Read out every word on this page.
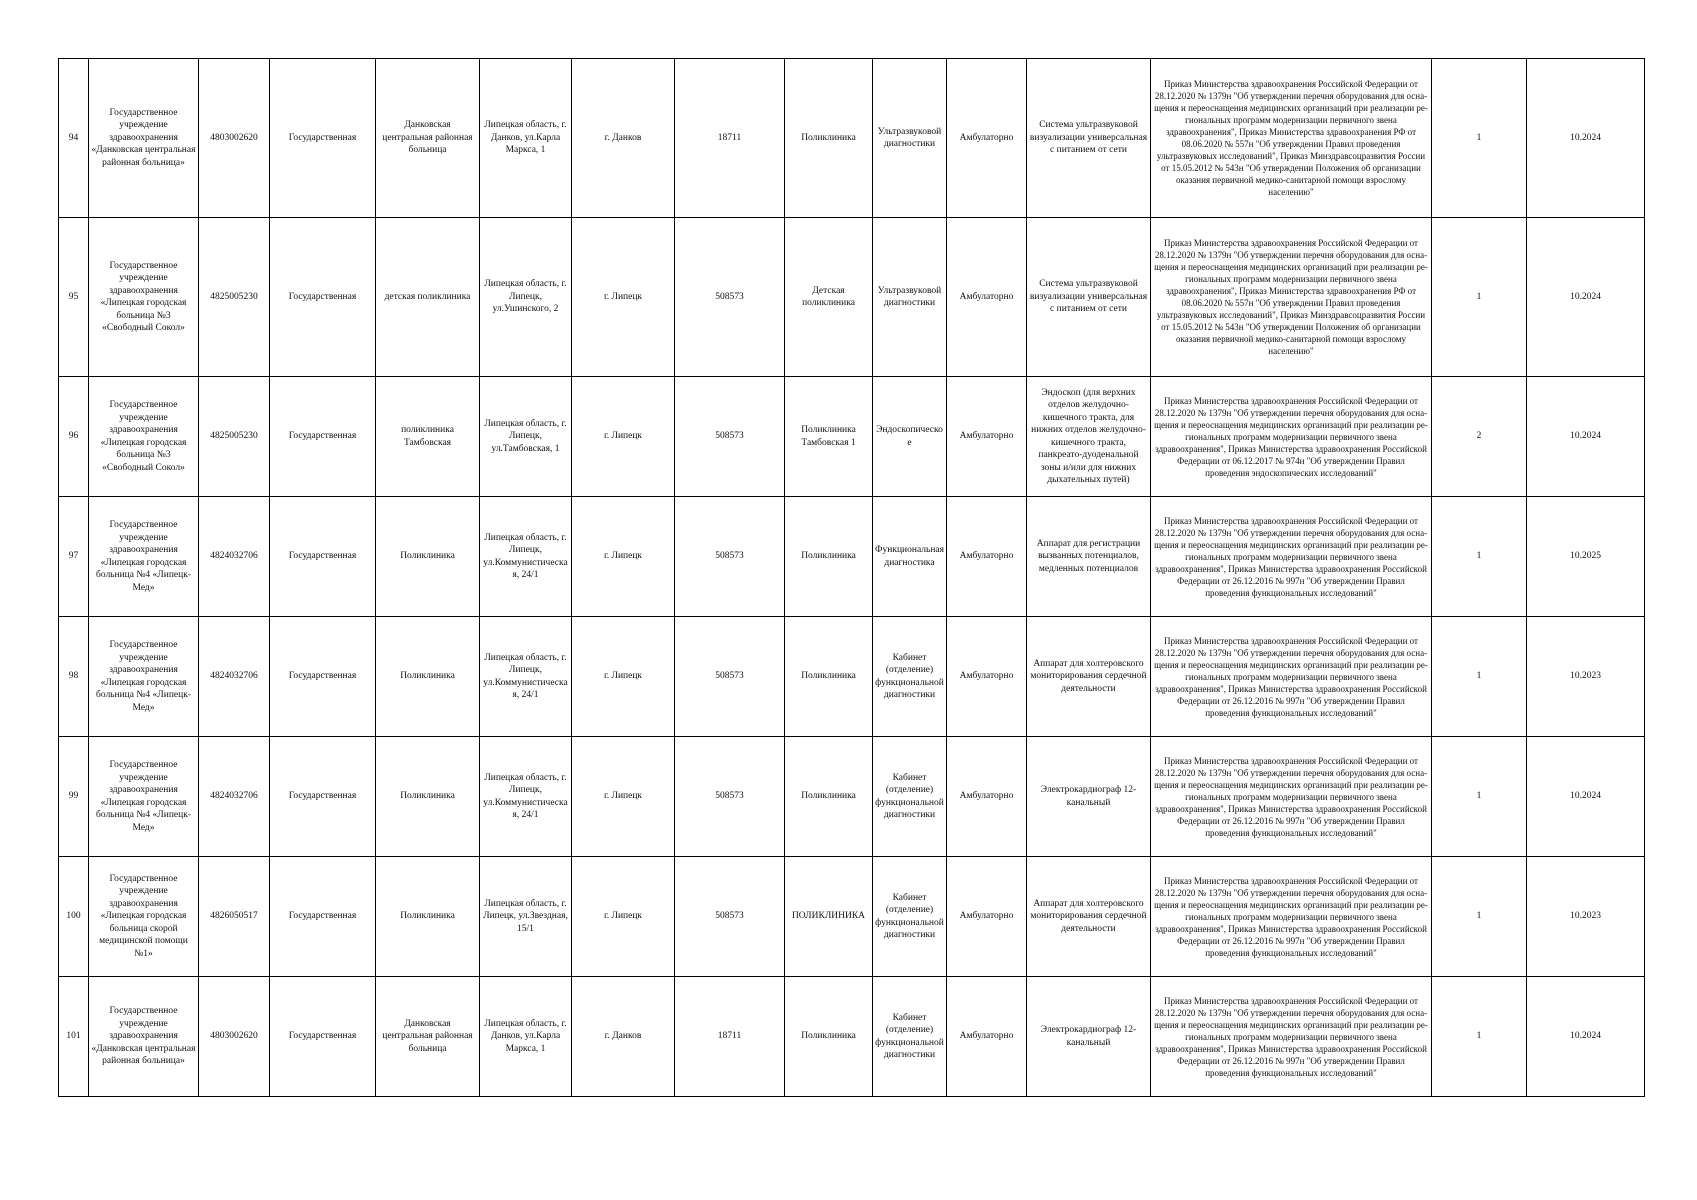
94	Государственное учреждение здравоохранения «Данковская центральная районная больница»	4803002620	Государственная	Данковская центральная районная больница	Липецкая область, г. Данков, ул.Карла Маркса, 1	г. Данков	18711	Поликлиника	Ультразвуковой диагностики	Амбулаторно	Система ультразвуковой визуализации универсальная с питанием от сети	Приказ Министерства здравоохранения Российской Федерации от 28.12.2020 № 1379н "Об утверждении перечня оборудования для осна-щения и переоснащения медицинских организаций при реализации ре-гиональных программ модернизации первичного звена здравоохранения", Приказ Министерства здравоохранения РФ от 08.06.2020 № 557н "Об утверждении Правил проведения ультразвуковых исследований", Приказ Минздравсоцразвития России от 15.05.2012 № 543н "Об утверждении Положения об организации оказания первичной медико-санитарной помощи взрослому населению"	1	10.2024
95	Государственное учреждение здравоохранения «Липецкая городская больница №3 «Свободный Сокол»	4825005230	Государственная	детская поликлиника	Липецкая область, г. Липецк, ул.Ушинского, 2	г. Липецк	508573	Детская поликлиника	Ультразвуковой диагностики	Амбулаторно	Система ультразвуковой визуализации универсальная с питанием от сети	Приказ Министерства здравоохранения Российской Федерации от 28.12.2020 № 1379н "Об утверждении перечня оборудования для осна-щения и переоснащения медицинских организаций при реализации ре-гиональных программ модернизации первичного звена здравоохранения", Приказ Министерства здравоохранения РФ от 08.06.2020 № 557н "Об утверждении Правил проведения ультразвуковых исследований", Приказ Минздравсоцразвития России от 15.05.2012 № 543н "Об утверждении Положения об организации оказания первичной медико-санитарной помощи взрослому населению"	1	10.2024
96	Государственное учреждение здравоохранения «Липецкая городская больница №3 «Свободный Сокол»	4825005230	Государственная	поликлиника Тамбовская	Липецкая область, г. Липецк, ул.Тамбовская, 1	г. Липецк	508573	Поликлиника Тамбовская 1	Эндоскопическое	Амбулаторно	Эндоскоп (для верхних отделов желудочно-кишечного тракта, для нижних отделов желудочно-кишечного тракта, панкреато-дуоденальной зоны и/или для нижних дыхательных путей)	Приказ Министерства здравоохранения Российской Федерации от 28.12.2020 № 1379н "Об утверждении перечня оборудования для осна-щения и переоснащения медицинских организаций при реализации ре-гиональных программ модернизации первичного звена здравоохранения", Приказ Министерства здравоохранения Российской Федерации от 06.12.2017 № 974н "Об утверждении Правил проведения эндоскопических исследований"	2	10.2024
97	Государственное учреждение здравоохранения «Липецкая городская больница №4 «Липецк-Мед»	4824032706	Государственная	Поликлиника	Липецкая область, г. Липецк, ул.Коммунистическая, 24/1	г. Липецк	508573	Поликлиника	Функциональная диагностика	Амбулаторно	Аппарат для регистрации вызванных потенциалов, медленных потенциалов	Приказ Министерства здравоохранения Российской Федерации от 28.12.2020 № 1379н "Об утверждении перечня оборудования для осна-щения и переоснащения медицинских организаций при реализации ре-гиональных программ модернизации первичного звена здравоохранения", Приказ Министерства здравоохранения Российской Федерации от 26.12.2016 № 997н "Об утверждении Правил проведения функциональных исследований"	1	10.2025
98	Государственное учреждение здравоохранения «Липецкая городская больница №4 «Липецк-Мед»	4824032706	Государственная	Поликлиника	Липецкая область, г. Липецк, ул.Коммунистическая, 24/1	г. Липецк	508573	Поликлиника	Кабинет (отделение) функциональной диагностики	Амбулаторно	Аппарат для холтеровского мониторирования сердечной деятельности	Приказ Министерства здравоохранения Российской Федерации от 28.12.2020 № 1379н "Об утверждении перечня оборудования для осна-щения и переоснащения медицинских организаций при реализации ре-гиональных программ модернизации первичного звена здравоохранения", Приказ Министерства здравоохранения Российской Федерации от 26.12.2016 № 997н "Об утверждении Правил проведения функциональных исследований"	1	10.2023
99	Государственное учреждение здравоохранения «Липецкая городская больница №4 «Липецк-Мед»	4824032706	Государственная	Поликлиника	Липецкая область, г. Липецк, ул.Коммунистическая, 24/1	г. Липецк	508573	Поликлиника	Кабинет (отделение) функциональной диагностики	Амбулаторно	Электрокардиограф 12-канальный	Приказ Министерства здравоохранения Российской Федерации от 28.12.2020 № 1379н "Об утверждении перечня оборудования для осна-щения и переоснащения медицинских организаций при реализации ре-гиональных программ модернизации первичного звена здравоохранения", Приказ Министерства здравоохранения Российской Федерации от 26.12.2016 № 997н "Об утверждении Правил проведения функциональных исследований"	1	10.2024
100	Государственное учреждение здравоохранения «Липецкая городская больница скорой медицинской помощи №1»	4826050517	Государственная	Поликлиника	Липецкая область, г. Липецк, ул.Звездная, 15/1	г. Липецк	508573	ПОЛИКЛИНИКА	Кабинет (отделение) функциональной диагностики	Амбулаторно	Аппарат для холтеровского мониторирования сердечной деятельности	Приказ Министерства здравоохранения Российской Федерации от 28.12.2020 № 1379н "Об утверждении перечня оборудования для осна-щения и переоснащения медицинских организаций при реализации ре-гиональных программ модернизации первичного звена здравоохранения", Приказ Министерства здравоохранения Российской Федерации от 26.12.2016 № 997н "Об утверждении Правил проведения функциональных исследований"	1	10.2023
101	Государственное учреждение здравоохранения «Данковская центральная районная больница»	4803002620	Государственная	Данковская центральная районная больница	Липецкая область, г. Данков, ул.Карла Маркса, 1	г. Данков	18711	Поликлиника	Кабинет (отделение) функциональной диагностики	Амбулаторно	Электрокардиограф 12-канальный	Приказ Министерства здравоохранения Российской Федерации от 28.12.2020 № 1379н "Об утверждении перечня оборудования для осна-щения и переоснащения медицинских организаций при реализации ре-гиональных программ модернизации первичного звена здравоохранения", Приказ Министерства здравоохранения Российской Федерации от 26.12.2016 № 997н "Об утверждении Правил проведения функциональных исследований"	1	10.2024
